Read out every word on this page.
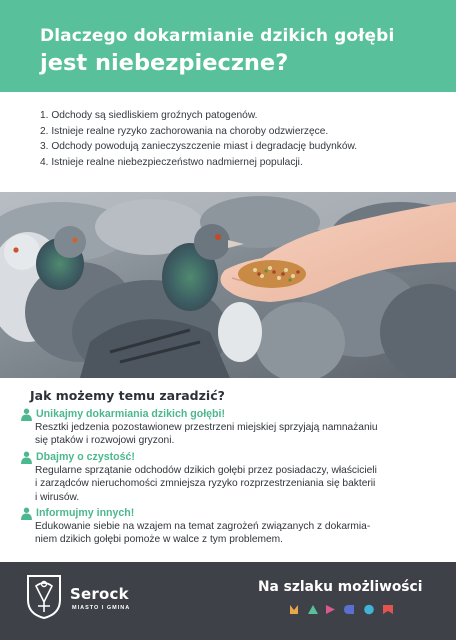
Dlaczego dokarmianie dzikich gołębi
jest niebezpieczne?
1. Odchody są siedliskiem groźnych patogenów.
2. Istnieje realne ryzyko zachorowania na choroby odzwierzęce.
3. Odchody powodują zanieczyszczenie miast i degradację budynków.
4. Istnieje realne niebezpieczeństwo nadmiernej populacji.
Jak możemy temu zaradzić?
Unikajmy dokarmiania dzikich gołębi!
Resztki jedzenia pozostawionew przestrzeni miejskiej sprzyjają namnażaniu
się ptaków i rozwojowi gryzoni.
Dbajmy o czystość!
Regularne sprzątanie odchodów dzikich gołębi przez posiadaczy, właścicieli
i zarządców nieruchomości zmniejsza ryzyko rozprzestrzeniania się bakterii
i wirusów.
Informujmy innych!
Edukowanie siebie na wzajem na temat zagrożeń związanych z dokarmia-
niem dzikich gołębi pomoże w walce z tym problemem.
Serock
MIASTO I GMINA
Na szlaku możliwości
